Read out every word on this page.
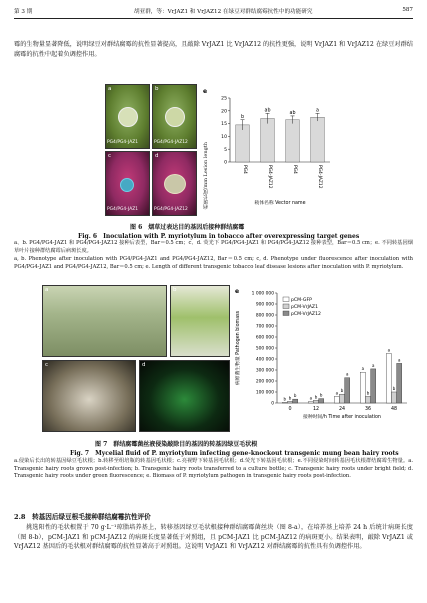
第 3 期	胡亚群，等：VrJAZ1 和 VrJAZ12 在绿豆对群结腐霉抗性中的功能研究	587

霉的生物量显著降低，说明绿豆对群结腐霉的抗性显著提高，且敲除 VrJAZ1 比 VrJAZ12 的抗性更强，说明 VrJAZ1 和 VrJAZ12 在绿豆对群结腐霉的抗性中起着负调控作用。

a
PG4/PG4-JAZ1
b
PG4/PG4-JAZ12
c
PG4/PG4-JAZ1
d
PG4/PG4-JAZ12
病斑长度/mm Lesion length
e
0
5
10
15
20
25
b
PG4
ab
PG4-JAZ12
ab
PG4
a
PG4-JAZ12
载体名称 Vector name
图 6　烟草过表达目的基因后接种群结腐霉
Fig. 6　Inoculation with P. myriotylum in tobacco after overexpressing target genes

a、b. PG4/PG4-JAZ1 和 PG4/PG4-JAZ12 接种后表型，Bar＝0.5 cm；c、d. 荧光下 PG4/PG4-JAZ1 和 PG4/PG4-JAZ12 接种表型，Bar＝0.5 cm；e. 不同转基因烟草叶片接种群结腐霉后病斑长度。

a, b. Phenotype after inoculation with PG4/PG4-JAZ1 and PG4/PG4-JAZ12, Bar＝0.5 cm; c, d. Phenotype under fluorescence after inoculation with PG4/PG4-JAZ1 and PG4/PG4-JAZ12, Bar＝0.5 cm; e. Length of different transgenic tobacco leaf disease lesions after inoculation with P. myriotylum.

a	b
c	d
e
病原菌生物量 Pathogen biomass
0
100 000
200 000
300 000
400 000
500 000
600 000
700 000
800 000
900 000
1 000 000
0
b b b
12
a b b
24
a b
a
36
a
b
a
48
a
b
a
接种时间/h Time after inoculation
pCM-GFP
pCM-VrJAZ1
pCM-VrJAZ12
图 7　群结腐霉菌丝液侵染敲除目的基因的转基因绿豆毛状根
Fig. 7　Mycelial fluid of P. myriotylum infecting gene-knockout transgenic mung bean hairy roots

a.侵染后长出的转基因绿豆毛状根；b.转移至组培瓶的转基因毛状根；c.亮视野下转基因毛状根；d.荧光下转基因毛状根；e.不同侵染时间转基因毛状根群结腐霉生物量。a. Transgenic hairy roots grown post-infection; b. Transgenic hairy roots transferred to a culture bottle; c. Transgenic hairy roots under bright field; d. Transgenic hairy roots under green fluorescence; e. Biomass of P. myriotylum pathogen in transgenic hairy roots post-infection.

2.8　转基因后绿豆根毛接种群结腐霉抗性评价

挑选阳性的毛状根置于 70 g·L⁻¹琼脂培养基上，转移基因绿豆毛状根接种群结腐霉菌丝块（图 8-a），在培养基上培养 24 h 后统计病斑长度（图 8-b），pCM-JAZ1 和 pCM-JAZ12 的病斑长度显著低于对照组，且 pCM-JAZ1 比 pCM-JAZ12 的病斑更小。结果表明，敲除 VrJAZ1 或 VrJAZ12 基因后的毛状根对群结腐霉的抗性显著高于对照组。这说明 VrJAZ1 和 VrJAZ12 对群结腐霉的抗性具有负调控作用。
